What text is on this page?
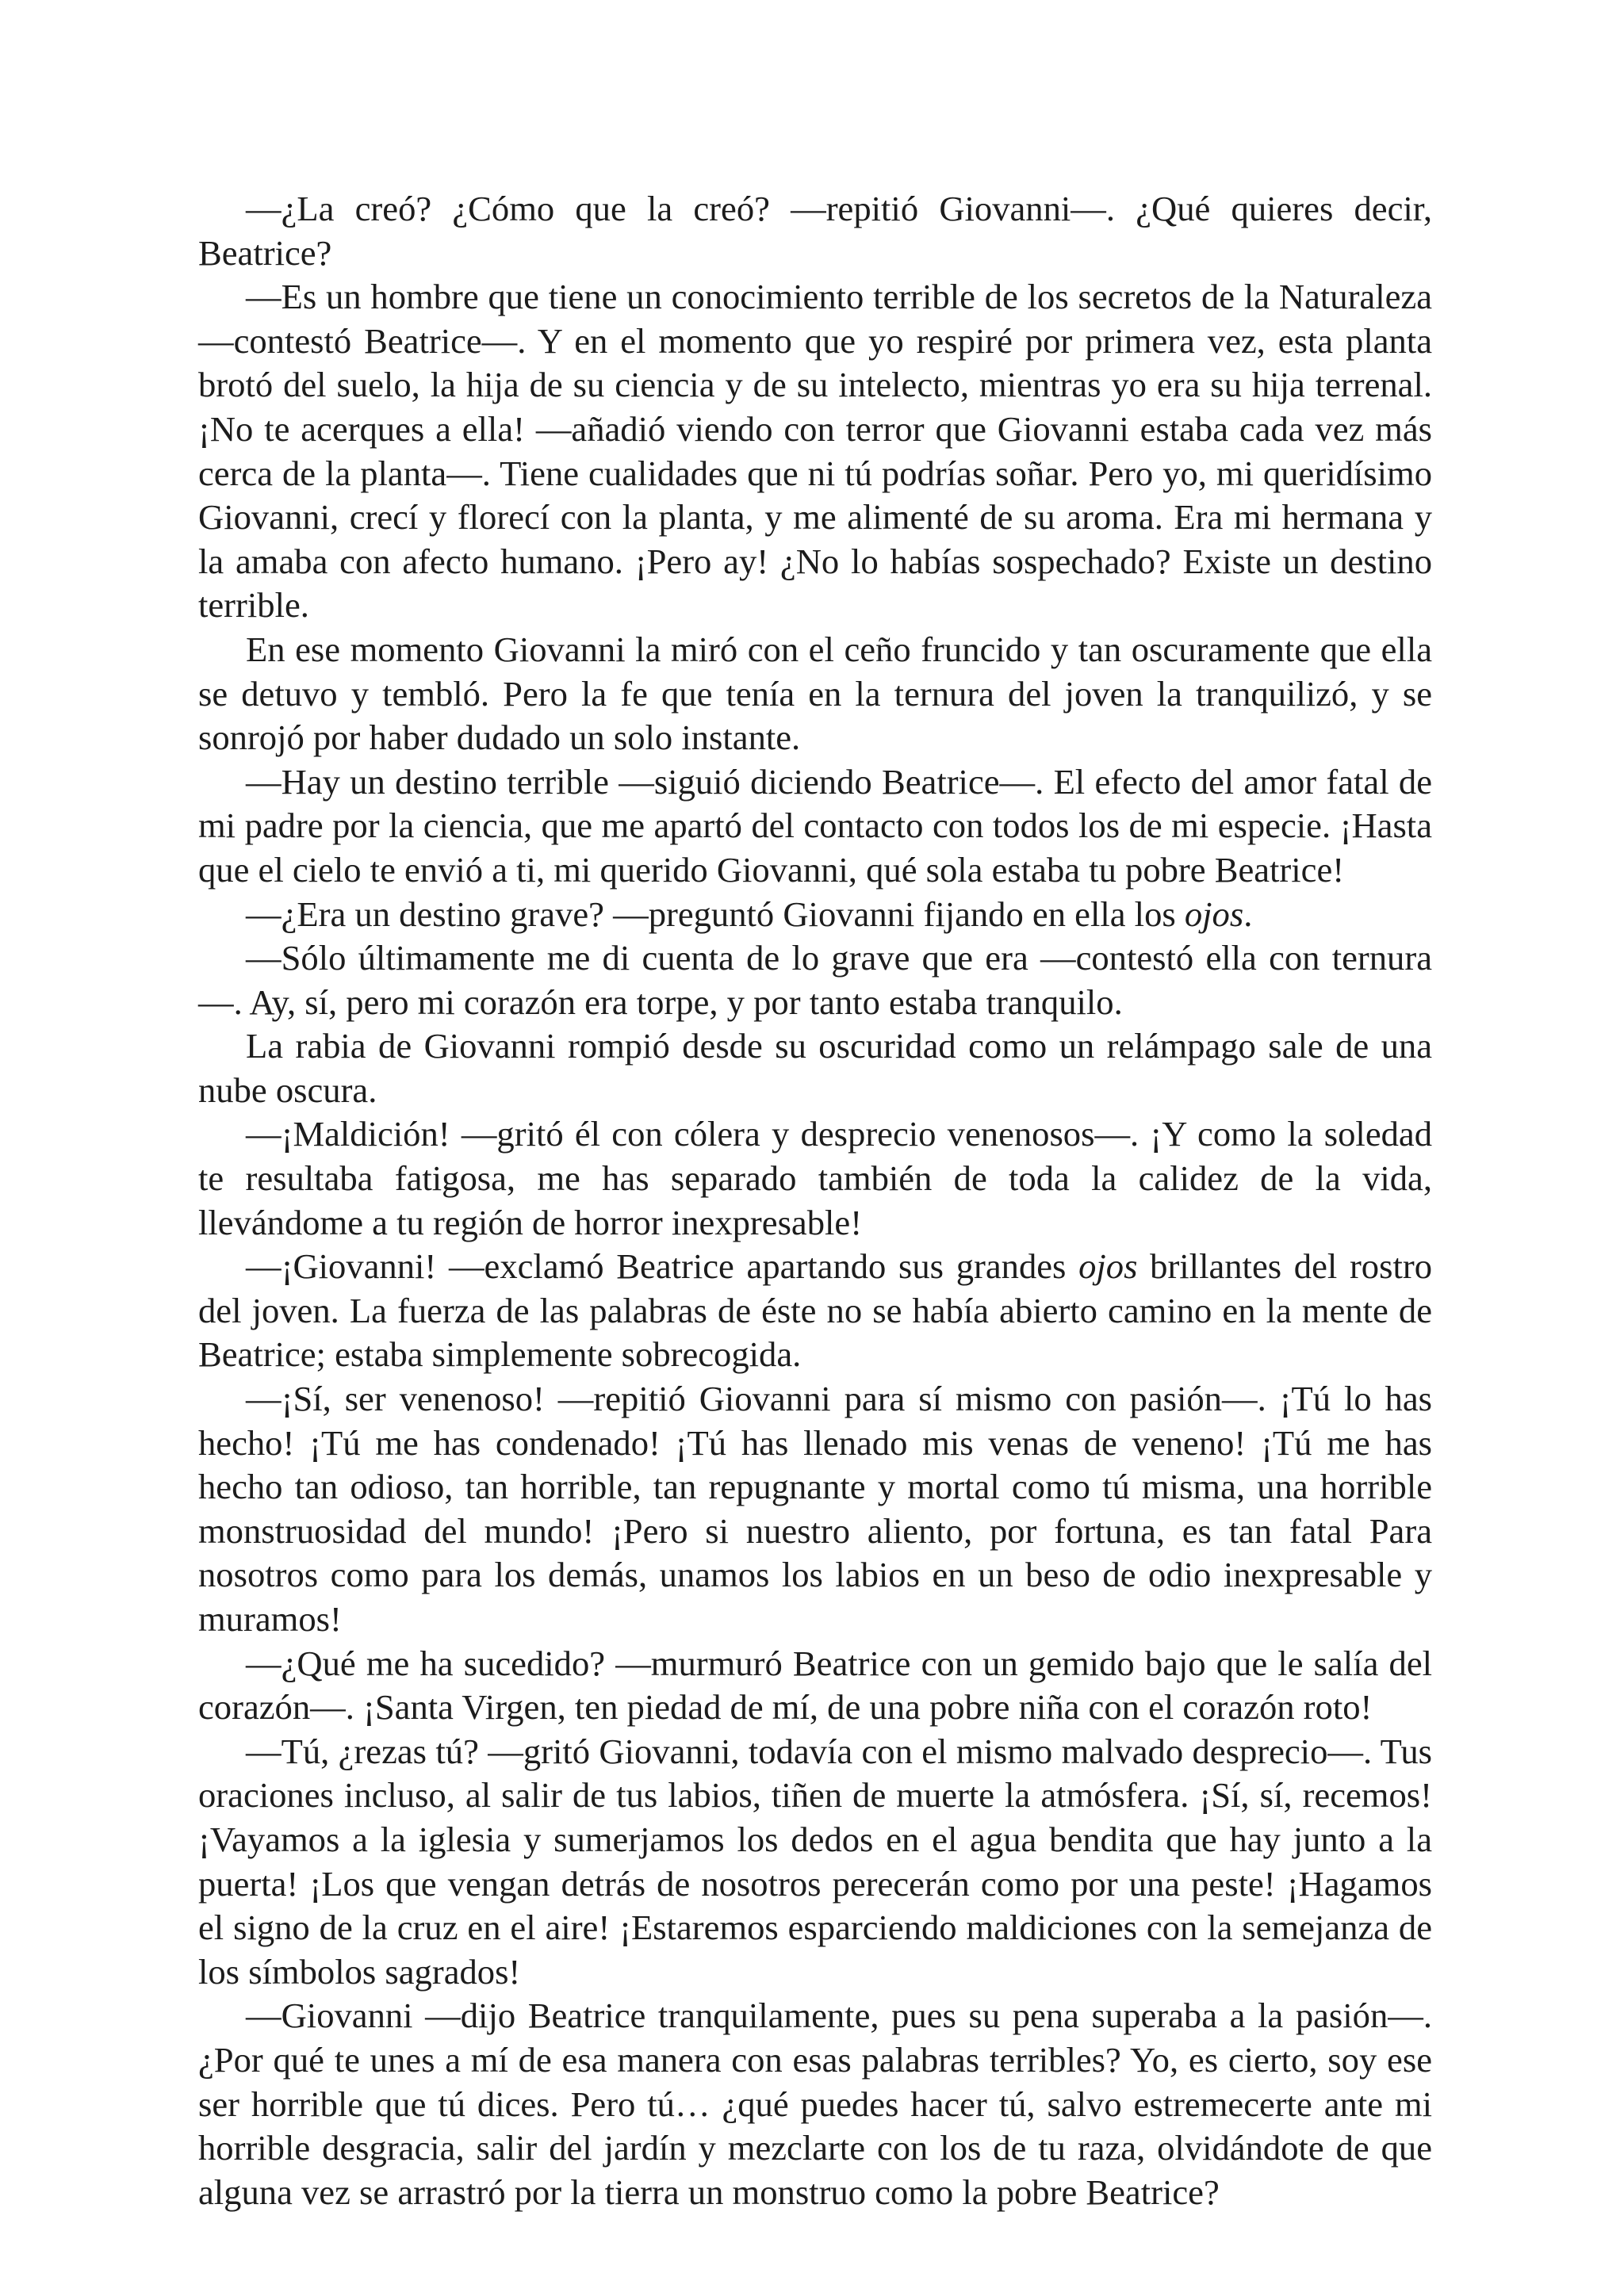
—¿La creó? ¿Cómo que la creó? —repitió Giovanni—. ¿Qué quieres decir, Beatrice?

—Es un hombre que tiene un conocimiento terrible de los secretos de la Naturaleza —contestó Beatrice—. Y en el momento que yo respiré por primera vez, esta planta brotó del suelo, la hija de su ciencia y de su intelecto, mientras yo era su hija terrenal. ¡No te acerques a ella! —añadió viendo con terror que Giovanni estaba cada vez más cerca de la planta—. Tiene cualidades que ni tú podrías soñar. Pero yo, mi queridísimo Giovanni, crecí y florecí con la planta, y me alimenté de su aroma. Era mi hermana y la amaba con afecto humano. ¡Pero ay! ¿No lo habías sospechado? Existe un destino terrible.

En ese momento Giovanni la miró con el ceño fruncido y tan oscuramente que ella se detuvo y tembló. Pero la fe que tenía en la ternura del joven la tranquilizó, y se sonrojó por haber dudado un solo instante.

—Hay un destino terrible —siguió diciendo Beatrice—. El efecto del amor fatal de mi padre por la ciencia, que me apartó del contacto con todos los de mi especie. ¡Hasta que el cielo te envió a ti, mi querido Giovanni, qué sola estaba tu pobre Beatrice!

—¿Era un destino grave? —preguntó Giovanni fijando en ella los ojos.

—Sólo últimamente me di cuenta de lo grave que era —contestó ella con ternura—. Ay, sí, pero mi corazón era torpe, y por tanto estaba tranquilo.

La rabia de Giovanni rompió desde su oscuridad como un relámpago sale de una nube oscura.

—¡Maldición! —gritó él con cólera y desprecio venenosos—. ¡Y como la soledad te resultaba fatigosa, me has separado también de toda la calidez de la vida, llevándome a tu región de horror inexpresable!

—¡Giovanni! —exclamó Beatrice apartando sus grandes ojos brillantes del rostro del joven. La fuerza de las palabras de éste no se había abierto camino en la mente de Beatrice; estaba simplemente sobrecogida.

—¡Sí, ser venenoso! —repitió Giovanni para sí mismo con pasión—. ¡Tú lo has hecho! ¡Tú me has condenado! ¡Tú has llenado mis venas de veneno! ¡Tú me has hecho tan odioso, tan horrible, tan repugnante y mortal como tú misma, una horrible monstruosidad del mundo! ¡Pero si nuestro aliento, por fortuna, es tan fatal Para nosotros como para los demás, unamos los labios en un beso de odio inexpresable y muramos!

—¿Qué me ha sucedido? —murmuró Beatrice con un gemido bajo que le salía del corazón—. ¡Santa Virgen, ten piedad de mí, de una pobre niña con el corazón roto!

—Tú, ¿rezas tú? —gritó Giovanni, todavía con el mismo malvado desprecio—. Tus oraciones incluso, al salir de tus labios, tiñen de muerte la atmósfera. ¡Sí, sí, recemos! ¡Vayamos a la iglesia y sumerjamos los dedos en el agua bendita que hay junto a la puerta! ¡Los que vengan detrás de nosotros perecerán como por una peste! ¡Hagamos el signo de la cruz en el aire! ¡Estaremos esparciendo maldiciones con la semejanza de los símbolos sagrados!

—Giovanni —dijo Beatrice tranquilamente, pues su pena superaba a la pasión—. ¿Por qué te unes a mí de esa manera con esas palabras terribles? Yo, es cierto, soy ese ser horrible que tú dices. Pero tú… ¿qué puedes hacer tú, salvo estremecerte ante mi horrible desgracia, salir del jardín y mezclarte con los de tu raza, olvidándote de que alguna vez se arrastró por la tierra un monstruo como la pobre Beatrice?
